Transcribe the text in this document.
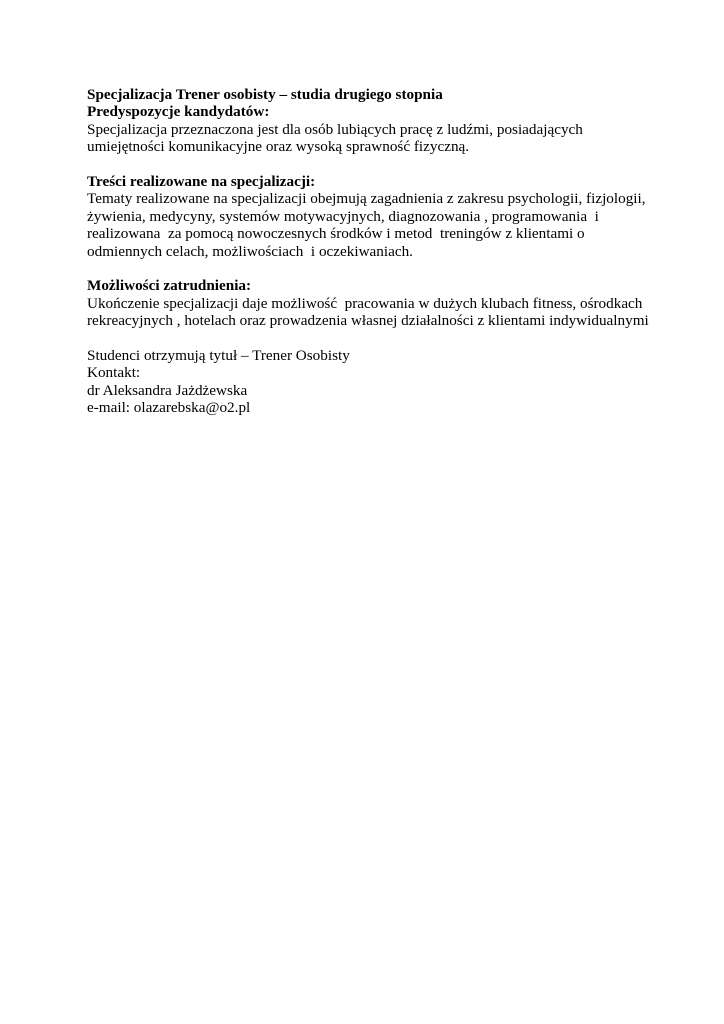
Specjalizacja Trener osobisty – studia drugiego stopnia
Predyspozycje kandydatów:
Specjalizacja przeznaczona jest dla osób lubiących pracę z ludźmi, posiadających
umiejętności komunikacyjne oraz wysoką sprawność fizyczną.
Treści realizowane na specjalizacji:
Tematy realizowane na specjalizacji obejmują zagadnienia z zakresu psychologii, fizjologii,
żywienia, medycyny, systemów motywacyjnych, diagnozowania , programowania  i
realizowana  za pomocą nowoczesnych środków i metod  treningów z klientami o
odmiennych celach, możliwościach  i oczekiwaniach.
Możliwości zatrudnienia:
Ukończenie specjalizacji daje możliwość  pracowania w dużych klubach fitness, ośrodkach
rekreacyjnych , hotelach oraz prowadzenia własnej działalności z klientami indywidualnymi
Studenci otrzymują tytuł – Trener Osobisty
Kontakt:
dr Aleksandra Jażdżewska
e-mail: olazarebska@o2.pl
